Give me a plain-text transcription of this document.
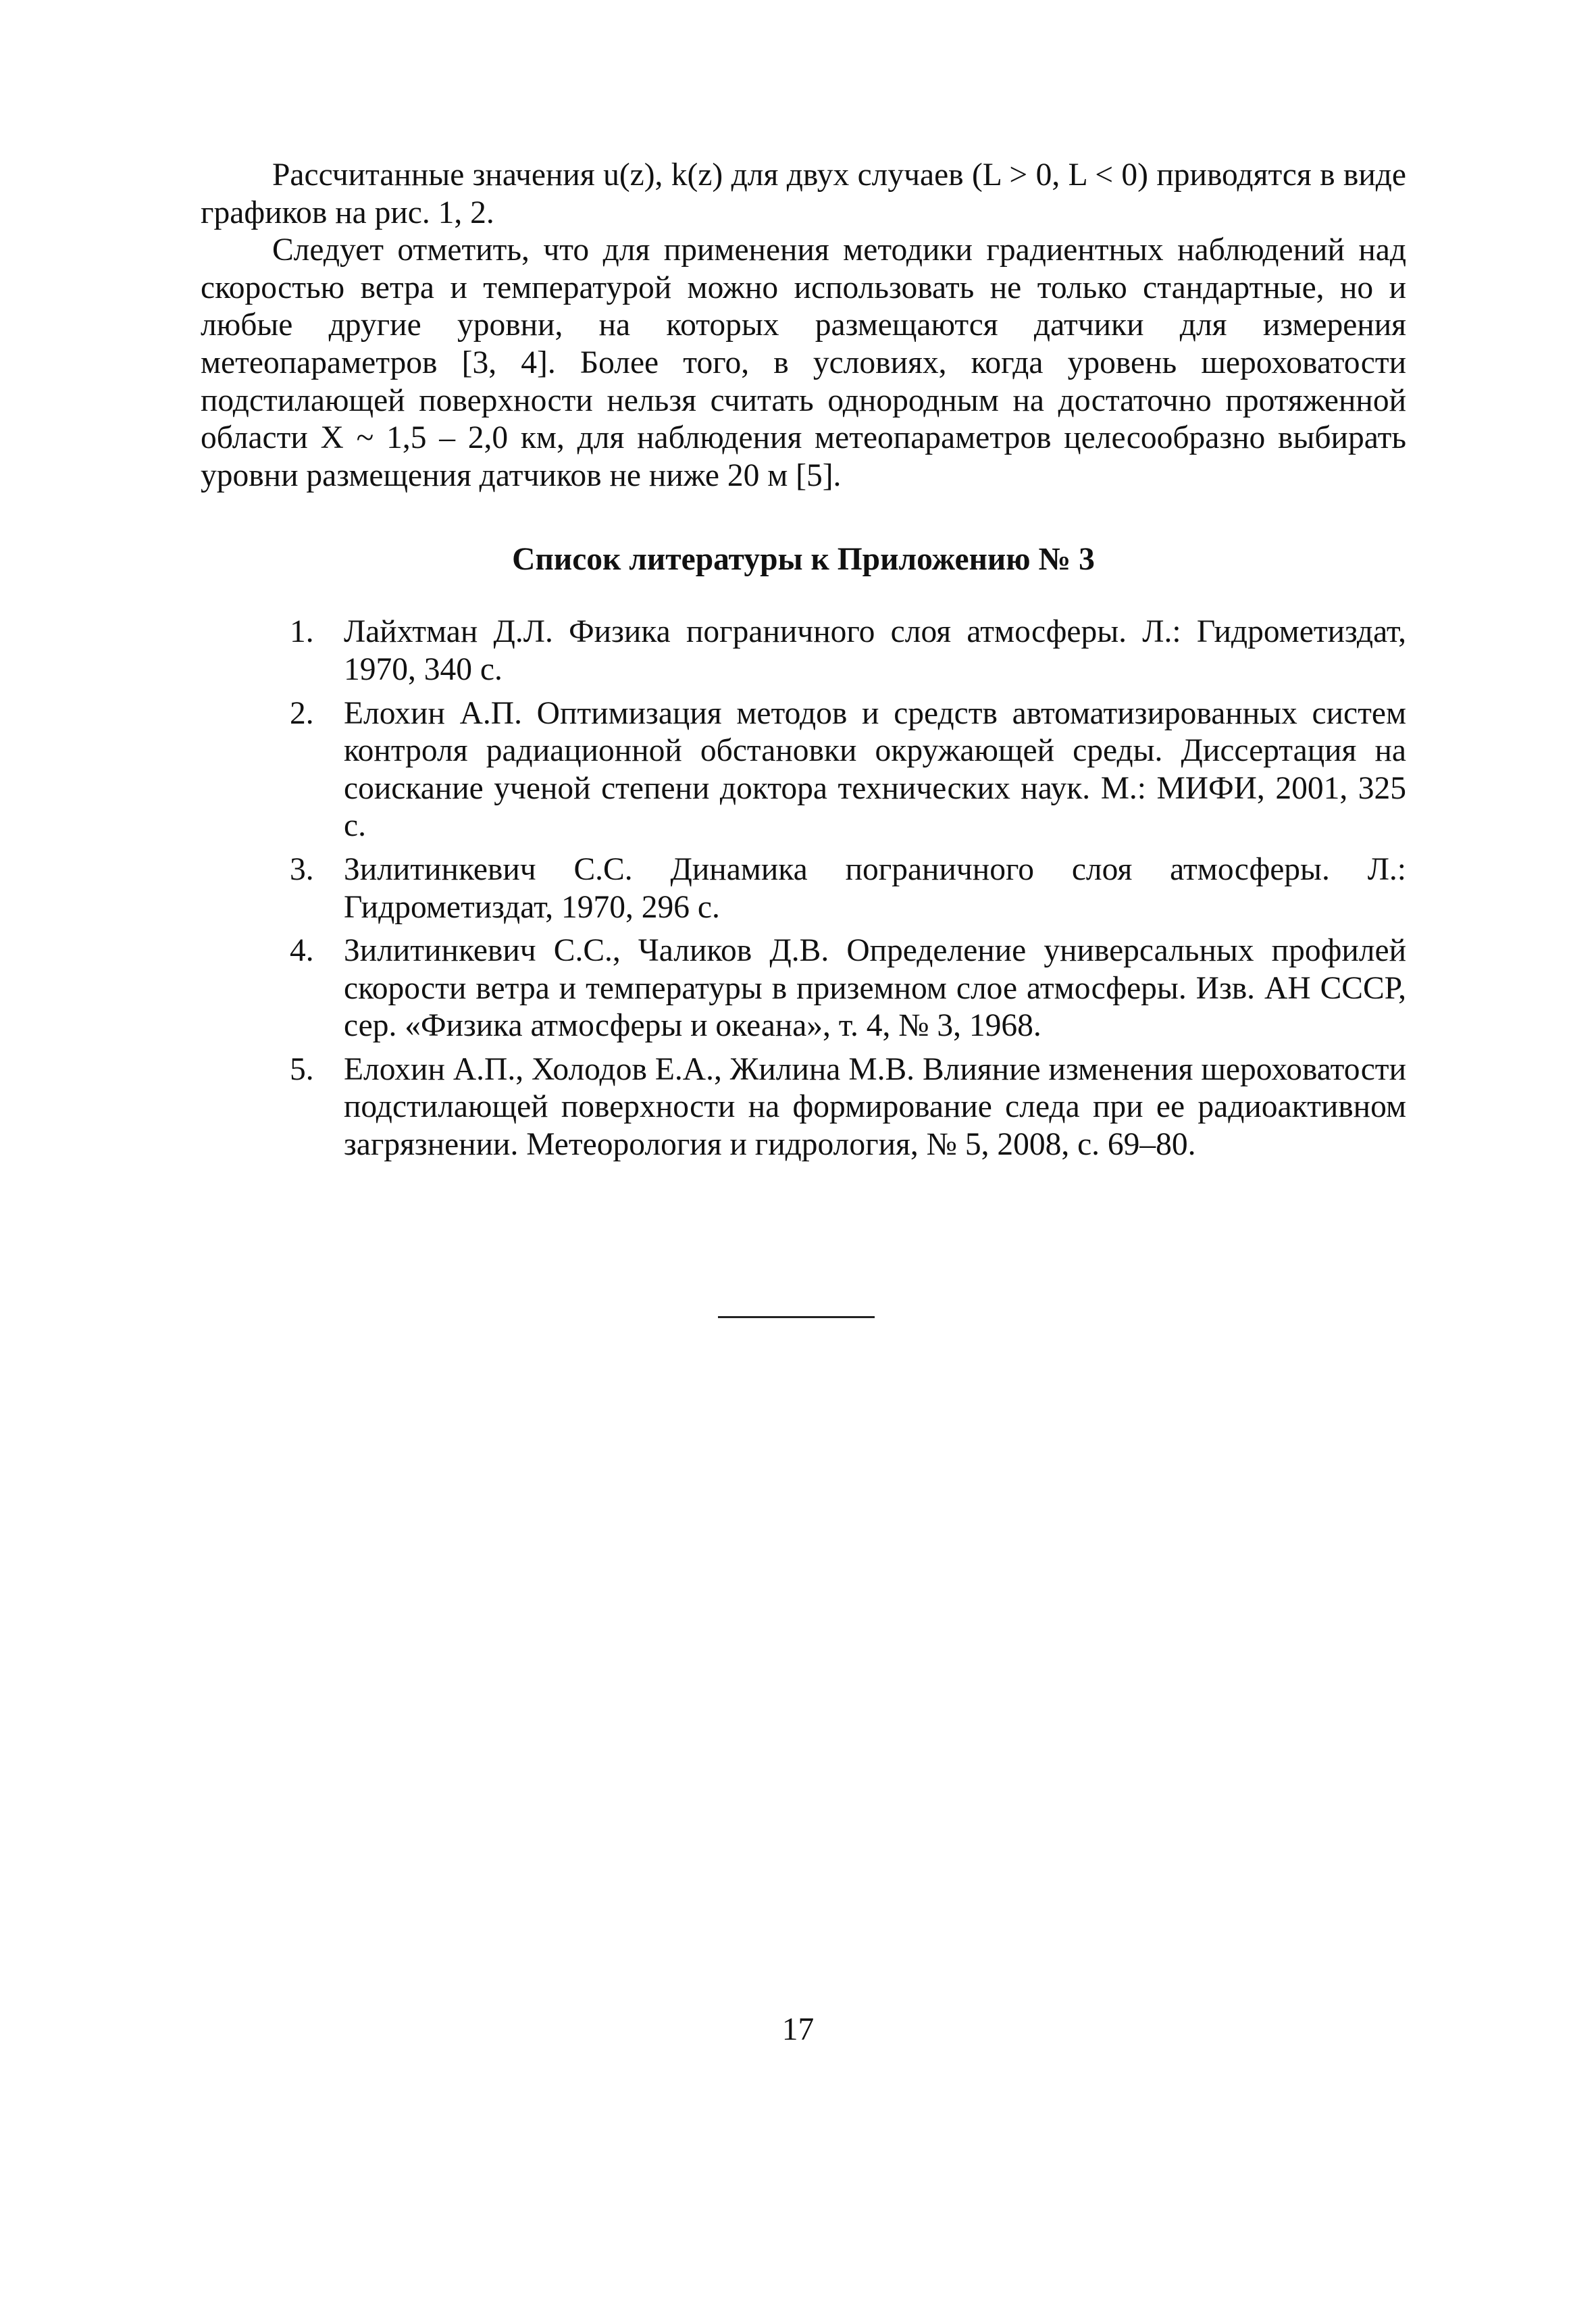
Рассчитанные значения u(z), k(z) для двух случаев (L > 0, L < 0) приводятся в виде графиков на рис. 1, 2.

Следует отметить, что для применения методики градиентных наблюдений над скоростью ветра и температурой можно использовать не только стандартные, но и любые другие уровни, на которых размещаются датчики для измерения метеопараметров [3, 4]. Более того, в условиях, когда уровень шероховатости подстилающей поверхности нельзя считать однородным на достаточно протяженной области X ~ 1,5 – 2,0 км, для наблюдения метеопараметров целесообразно выбирать уровни размещения датчиков не ниже 20 м [5].

Список литературы к Приложению № 3
1. Лайхтман Д.Л. Физика пограничного слоя атмосферы. Л.: Гидрометиздат, 1970, 340 с.
2. Елохин А.П. Оптимизация методов и средств автоматизированных систем контроля радиационной обстановки окружающей среды. Диссертация на соискание ученой степени доктора технических наук. М.: МИФИ, 2001, 325 с.
3. Зилитинкевич С.С. Динамика пограничного слоя атмосферы. Л.: Гидрометиздат, 1970, 296 с.
4. Зилитинкевич С.С., Чаликов Д.В. Определение универсальных профилей скорости ветра и температуры в приземном слое атмосферы. Изв. АН СССР, сер. «Физика атмосферы и океана», т. 4, № 3, 1968.
5. Елохин А.П., Холодов Е.А., Жилина М.В. Влияние изменения шероховатости подстилающей поверхности на формирование следа при ее радиоактивном загрязнении. Метеорология и гидрология, № 5, 2008, с. 69–80.
17
